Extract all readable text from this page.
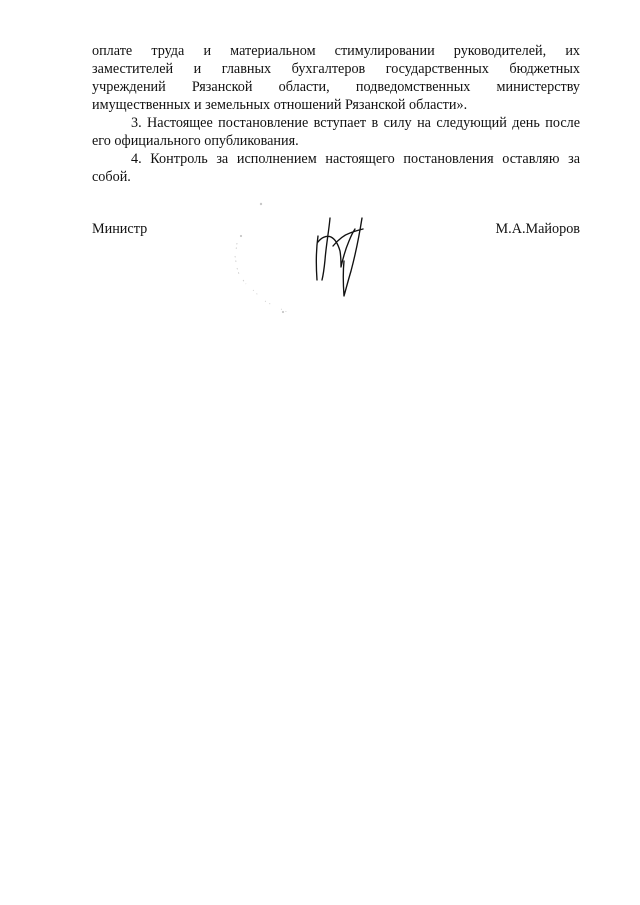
оплате труда и материальном стимулировании руководителей, их
заместителей и главных бухгалтеров государственных бюджетных
учреждений Рязанской области, подведомственных министерству
имущественных и земельных отношений Рязанской области».
3. Настоящее постановление вступает в силу на следующий день после
его официального опубликования.
4. Контроль за исполнением настоящего постановления оставляю за
собой.
Министр	М.А.Майоров
